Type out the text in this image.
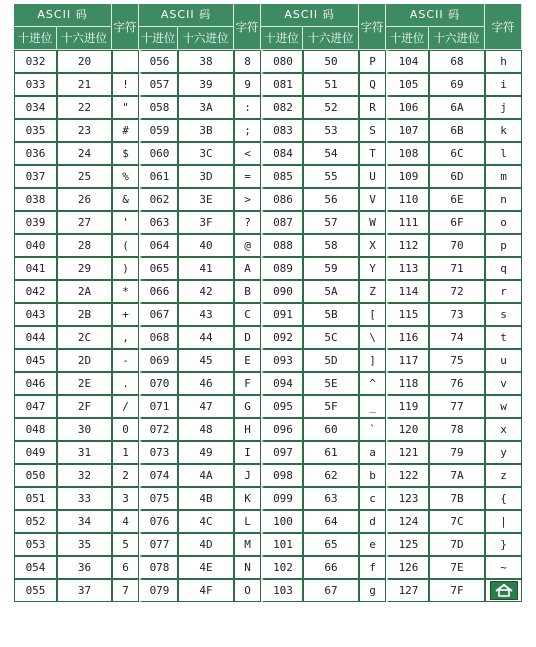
ASCII 码		字符	ASCII 码		字符	ASCII 码		字符	ASCII 码		字符
十进位	十六进位		十进位	十六进位		十进位	十六进位		十进位	十六进位	
032	20		056	38	8	080	50	P	104	68	h
033	21	!	057	39	9	081	51	Q	105	69	i
034	22	"	058	3A	:	082	52	R	106	6A	j
035	23	#	059	3B	;	083	53	S	107	6B	k
036	24	$	060	3C	<	084	54	T	108	6C	l
037	25	%	061	3D	=	085	55	U	109	6D	m
038	26	&	062	3E	>	086	56	V	110	6E	n
039	27	'	063	3F	?	087	57	W	111	6F	o
040	28	(	064	40	@	088	58	X	112	70	p
041	29	)	065	41	A	089	59	Y	113	71	q
042	2A	*	066	42	B	090	5A	Z	114	72	r
043	2B	+	067	43	C	091	5B	[	115	73	s
044	2C	,	068	44	D	092	5C	\	116	74	t
045	2D	-	069	45	E	093	5D	]	117	75	u
046	2E	.	070	46	F	094	5E	^	118	76	v
047	2F	/	071	47	G	095	5F	_	119	77	w
048	30	0	072	48	H	096	60	`	120	78	x
049	31	1	073	49	I	097	61	a	121	79	y
050	32	2	074	4A	J	098	62	b	122	7A	z
051	33	3	075	4B	K	099	63	c	123	7B	{
052	34	4	076	4C	L	100	64	d	124	7C	|
053	35	5	077	4D	M	101	65	e	125	7D	}
054	36	6	078	4E	N	102	66	f	126	7E	~
055	37	7	079	4F	O	103	67	g	127	7F	
